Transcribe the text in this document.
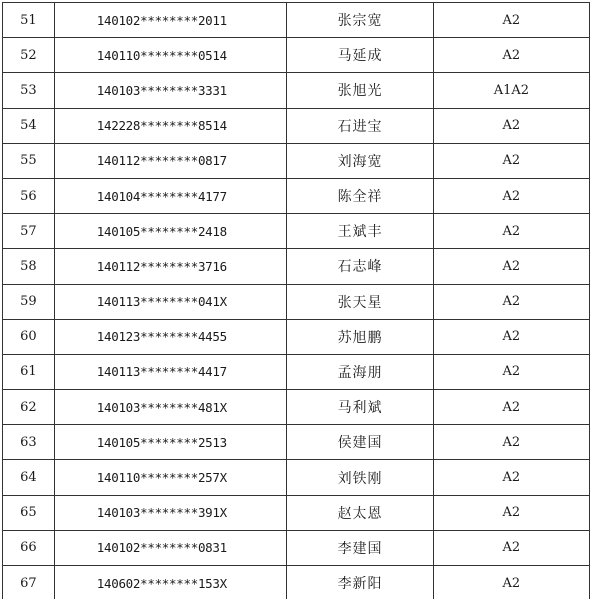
51	140102********2011	张宗宽	A2
52	140110********0514	马延成	A2
53	140103********3331	张旭光	A1A2
54	142228********8514	石进宝	A2
55	140112********0817	刘海宽	A2
56	140104********4177	陈全祥	A2
57	140105********2418	王斌丰	A2
58	140112********3716	石志峰	A2
59	140113********041X	张天星	A2
60	140123********4455	苏旭鹏	A2
61	140113********4417	孟海朋	A2
62	140103********481X	马利斌	A2
63	140105********2513	侯建国	A2
64	140110********257X	刘铁刚	A2
65	140103********391X	赵太恩	A2
66	140102********0831	李建国	A2
67	140602********153X	李新阳	A2
